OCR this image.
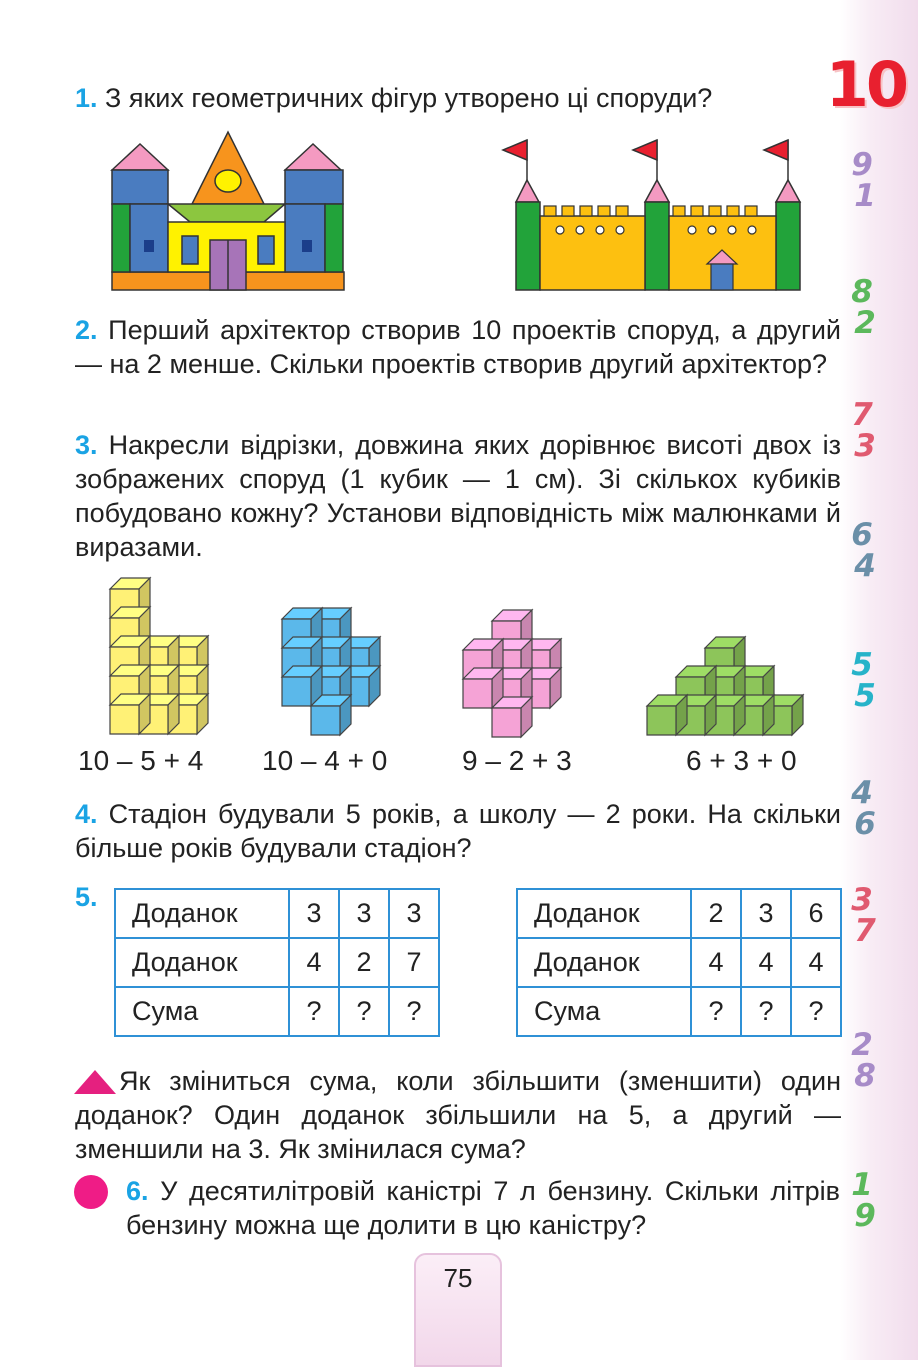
10
9
1
8
2
7
3
6
4
5
5
4
6
3
7
2
8
1
9
1. З яких геометричних фігур утворено ці споруди?
2. Перший архітектор створив 10 проектів споруд, а другий — на 2 менше. Скільки проектів створив другий архітектор?
3. Накресли відрізки, довжина яких дорівнює висоті двох із зображених споруд (1 кубик — 1 см). Зі скількох кубиків побудовано кожну? Установи відповідність між малюнками й виразами.
10 – 5 + 4 10 – 4 + 0	9 – 2 + 3	6 + 3 + 0
4. Стадіон будували 5 років, а школу — 2 роки. На скільки більше років будували стадіон?
5.
Доданок	3	3	3
Доданок	4	2	7
Сума	?	?	?
Доданок	2	3	6
Доданок	4	4	4
Сума	?	?	?
Як зміниться сума, коли збільшити (зменшити) один доданок? Один доданок збільшили на 5, а другий — зменшили на 3. Як змінилася сума?
6. У десятилітровій каністрі 7 л бензину. Скільки літрів бензину можна ще долити в цю каністру?
75
